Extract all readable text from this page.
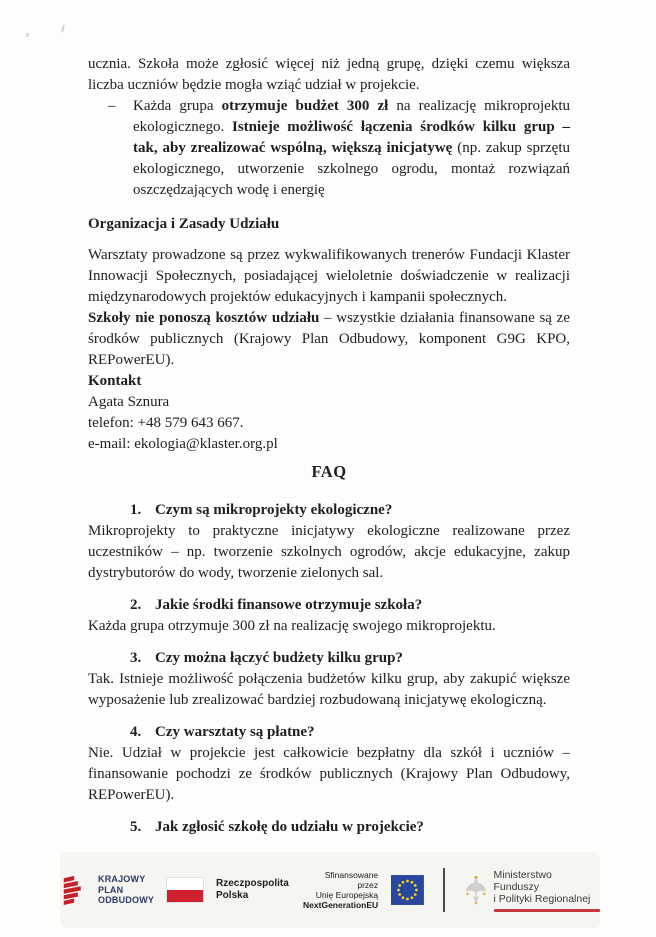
ucznia. Szkoła może zgłosić więcej niż jedną grupę, dzięki czemu większa liczba uczniów będzie mogła wziąć udział w projekcie.

–	Każda grupa otrzymuje budżet 300 zł na realizację mikroprojektu ekologicznego. Istnieje możliwość łączenia środków kilku grup – tak, aby zrealizować wspólną, większą inicjatywę (np. zakup sprzętu ekologicznego, utworzenie szkolnego ogrodu, montaż rozwiązań oszczędzających wodę i energię

Organizacja i Zasady Udziału

Warsztaty prowadzone są przez wykwalifikowanych trenerów Fundacji Klaster Innowacji Społecznych, posiadającej wieloletnie doświadczenie w realizacji międzynarodowych projektów edukacyjnych i kampanii społecznych.

Szkoły nie ponoszą kosztów udziału – wszystkie działania finansowane są ze środków publicznych (Krajowy Plan Odbudowy, komponent G9G KPO, REPowerEU).

Kontakt
Agata Sznura
telefon: +48 579 643 667.
e-mail: ekologia@klaster.org.pl
FAQ
1. Czym są mikroprojekty ekologiczne?

Mikroprojekty to praktyczne inicjatywy ekologiczne realizowane przez uczestników – np. tworzenie szkolnych ogrodów, akcje edukacyjne, zakup dystrybutorów do wody, tworzenie zielonych sal.

2. Jakie środki finansowe otrzymuje szkoła?

Każda grupa otrzymuje 300 zł na realizację swojego mikroprojektu.

3. Czy można łączyć budżety kilku grup?

Tak. Istnieje możliwość połączenia budżetów kilku grup, aby zakupić większe wyposażenie lub zrealizować bardziej rozbudowaną inicjatywę ekologiczną.

4. Czy warsztaty są płatne?

Nie. Udział w projekcie jest całkowicie bezpłatny dla szkół i uczniów – finansowanie pochodzi ze środków publicznych (Krajowy Plan Odbudowy, REPowerEU).

5. Jak zgłosić szkołę do udziału w projekcie?
KRAJOWY
PLAN
ODBUDOWY
Rzeczpospolita
Polska
Sfinansowane przez
Unię Europejską
NextGenerationEU
Ministerstwo Funduszy
i Polityki Regionalnej
